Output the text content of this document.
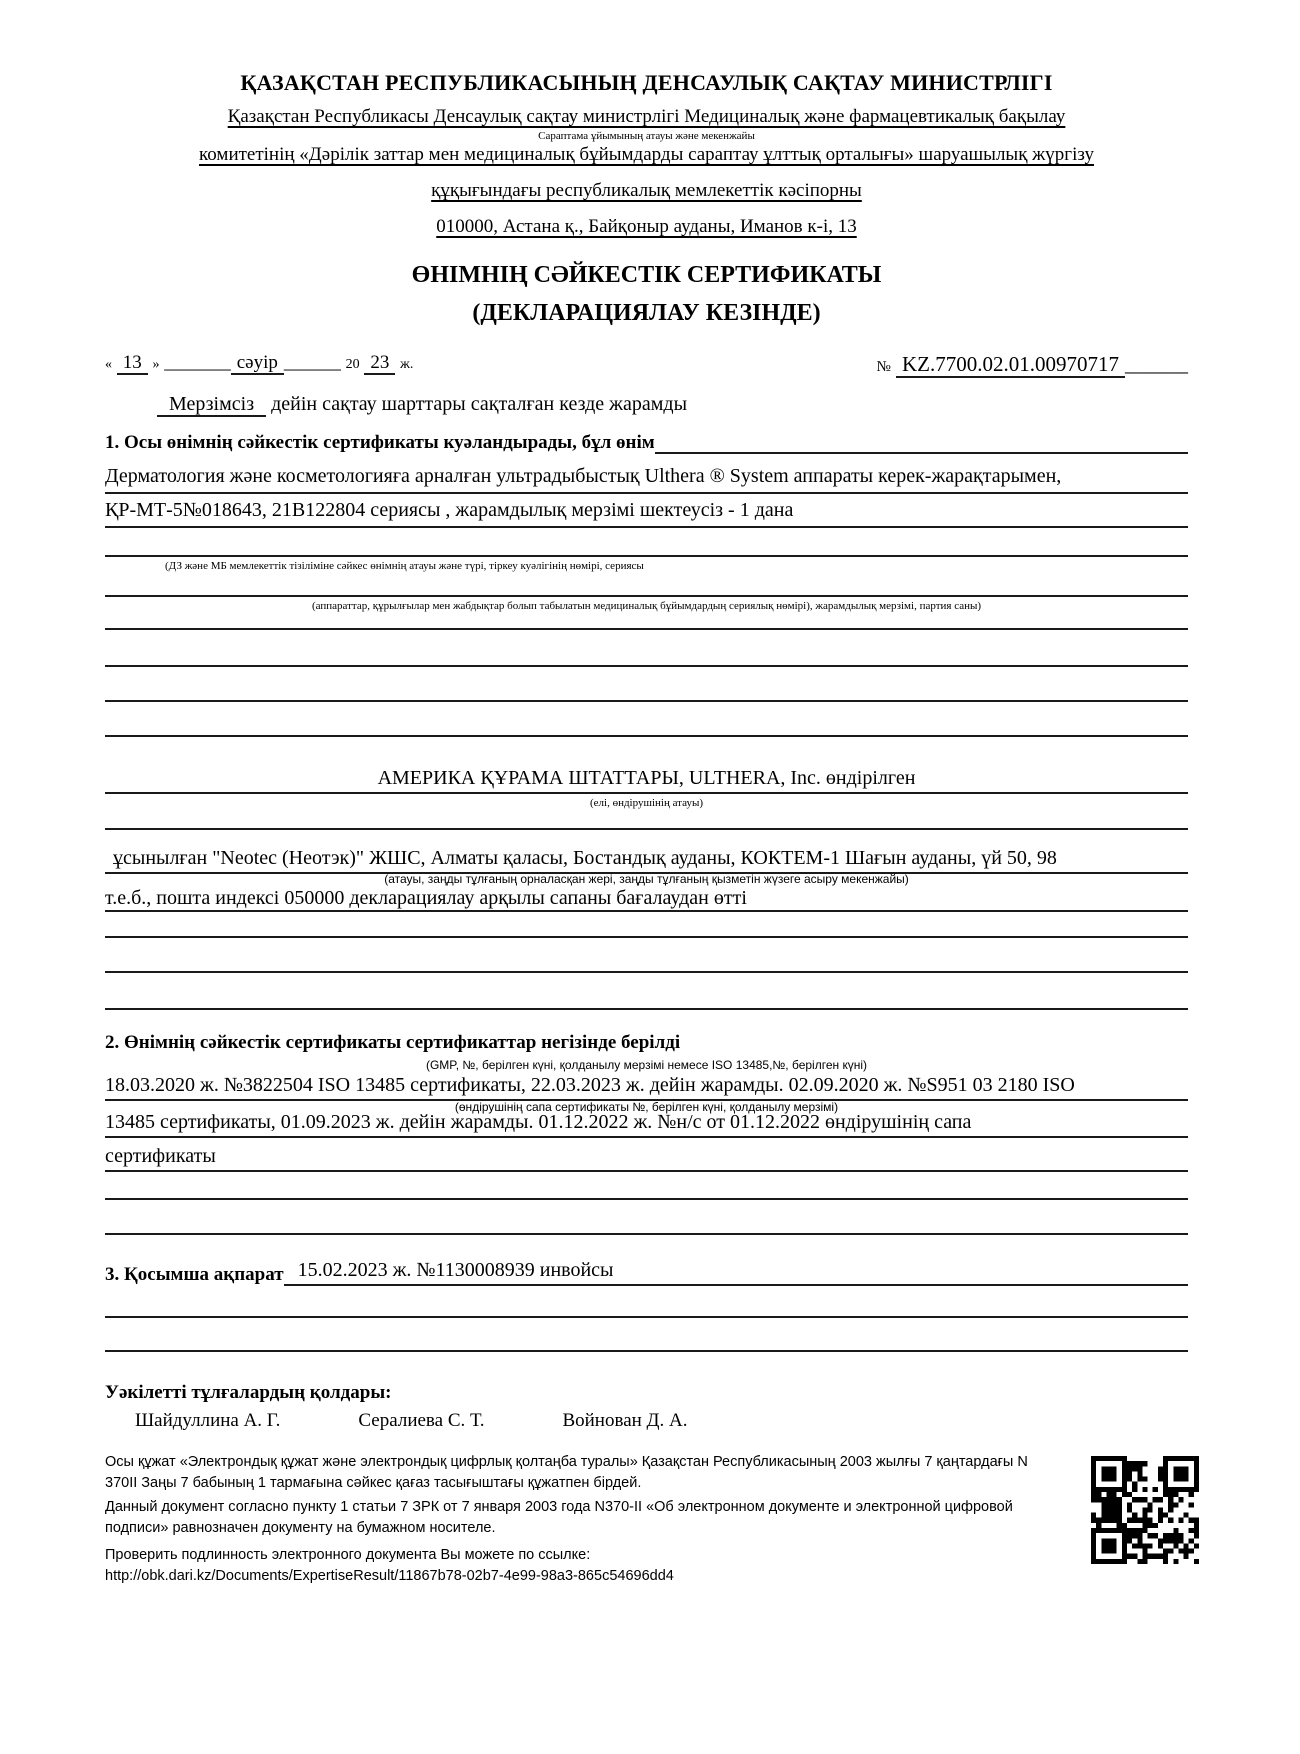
ҚАЗАҚСТАН РЕСПУБЛИКАСЫНЫҢ ДЕНСАУЛЫҚ САҚТАУ МИНИСТРЛІГІ
Қазақстан Республикасы Денсаулық сақтау министрлігі Медициналық және фармацевтикалық бақылау
Сараптама ұйымының атауы және мекенжайы
комитетінің «Дәрілік заттар мен медициналық бұйымдарды сараптау ұлттық орталығы» шаруашылық жүргізу
құқығындағы республикалық мемлекеттік кәсіпорны
010000, Астана қ., Байқоныр ауданы, Иманов к-і, 13
ӨНІМНІҢ СӘЙКЕСТІК СЕРТИФИКАТЫ
(ДЕКЛАРАЦИЯЛАУ КЕЗІНДЕ)
« 13 » _______ сәуір ______ 20 23 ж.	№ KZ.7700.02.01.00970717 ______
Мерзімсіз дейін сақтау шарттары сақталған кезде жарамды
1. Осы өнімнің сәйкестік сертификаты куәландырады, бұл өнім
Дерматология және косметологияға арналған ультрадыбыстық Ulthera ® System аппараты керек-жарақтарымен,
ҚР-МТ-5№018643, 21B122804 сериясы , жарамдылық мерзімі шектеусіз - 1 дана
(ДЗ және МБ мемлекеттік тізіліміне сәйкес өнімнің атауы және түрі, тіркеу куәлігінің нөмірі, сериясы
(аппараттар, құрылғылар мен жабдықтар болып табылатын медициналық бұйымдардың сериялық нөмірі), жарамдылық мерзімі, партия саны)
АМЕРИКА ҚҰРАМА ШТАТТАРЫ, ULTHERA, Inc. өндірілген
(елі, өндірушінің атауы)
ұсынылған "Neotec (Неотэк)" ЖШС, Алматы қаласы, Бостандық ауданы, КОКТЕМ-1 Шағын ауданы, үй 50, 98
(атауы, заңды тұлғаның орналасқан жері, заңды тұлғаның қызметін жүзеге асыру мекенжайы)
т.е.б., пошта индексі 050000 декларациялау арқылы сапаны бағалаудан өтті
2. Өнімнің сәйкестік сертификаты сертификаттар негізінде берілді
(GMP, №, берілген күні, қолданылу мерзімі немесе ISO 13485,№, берілген күні)
18.03.2020 ж. №3822504 ISO 13485 сертификаты, 22.03.2023 ж. дейін жарамды. 02.09.2020 ж. №S951 03 2180 ISO
(өндірушінің сапа сертификаты №, берілген күні, қолданылу мерзімі)
13485 сертификаты, 01.09.2023 ж. дейін жарамды. 01.12.2022 ж. №н/с от 01.12.2022 өндірушінің сапа
сертификаты
3. Қосымша ақпарат 15.02.2023 ж. №1130008939 инвойсы
Уәкілетті тұлғалардың қолдары:
Шайдуллина А. Г.	Сералиева С. Т.	Войнован Д. А.
Осы құжат «Электрондық құжат және электрондық цифрлық қолтаңба туралы» Қазақстан Республикасының 2003 жылғы 7 қаңтардағы N 370II Заңы 7 бабының 1 тармағына сәйкес қағаз тасығыштағы құжатпен бірдей.
Данный документ согласно пункту 1 статьи 7 ЗРК от 7 января 2003 года N370-II «Об электронном документе и электронной цифровой подписи» равнозначен документу на бумажном носителе.
Проверить подлинность электронного документа Вы можете по ссылке:
http://obk.dari.kz/Documents/ExpertiseResult/11867b78-02b7-4e99-98a3-865c54696dd4
